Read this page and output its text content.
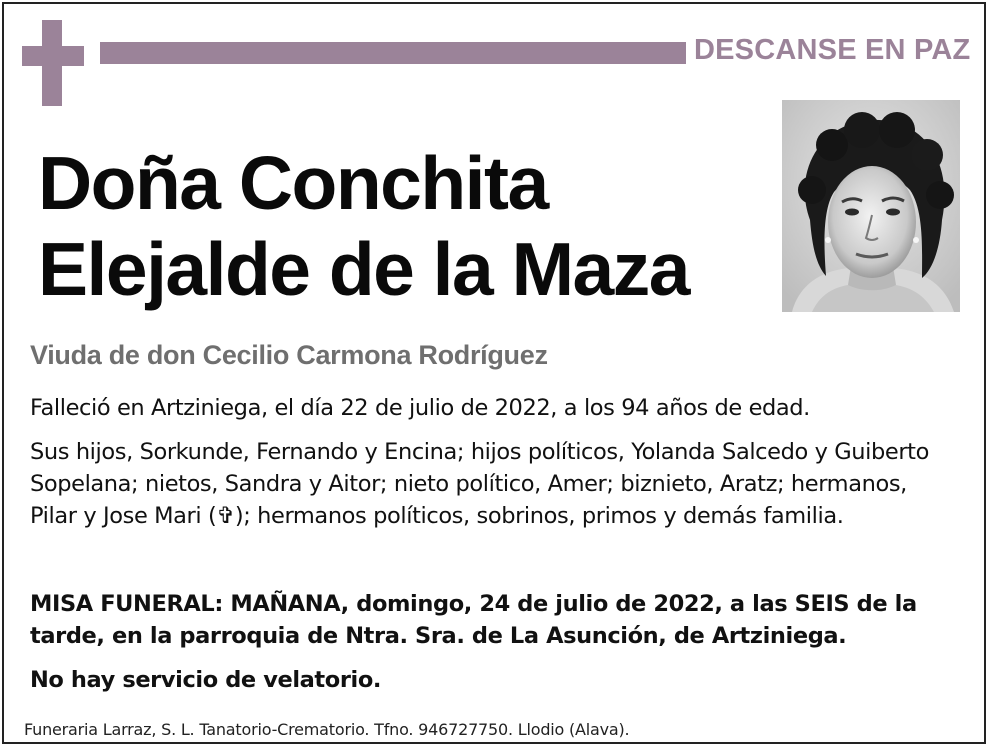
DESCANSE EN PAZ
Doña Conchita
Elejalde de la Maza
Viuda de don Cecilio Carmona Rodríguez
Falleció en Artziniega, el día 22 de julio de 2022, a los 94 años de edad.
Sus hijos, Sorkunde, Fernando y Encina; hijos políticos, Yolanda Salcedo y Guiberto Sopelana; nietos, Sandra y Aitor; nieto político, Amer; biznieto, Aratz; hermanos, Pilar y Jose Mari (✞); hermanos políticos, sobrinos, primos y demás familia.
MISA FUNERAL: MAÑANA, domingo, 24 de julio de 2022, a las SEIS de la tarde, en la parroquia de Ntra. Sra. de La Asunción, de Artziniega.
No hay servicio de velatorio.
Funeraria Larraz, S. L. Tanatorio-Crematorio. Tfno. 946727750. Llodio (Alava).
